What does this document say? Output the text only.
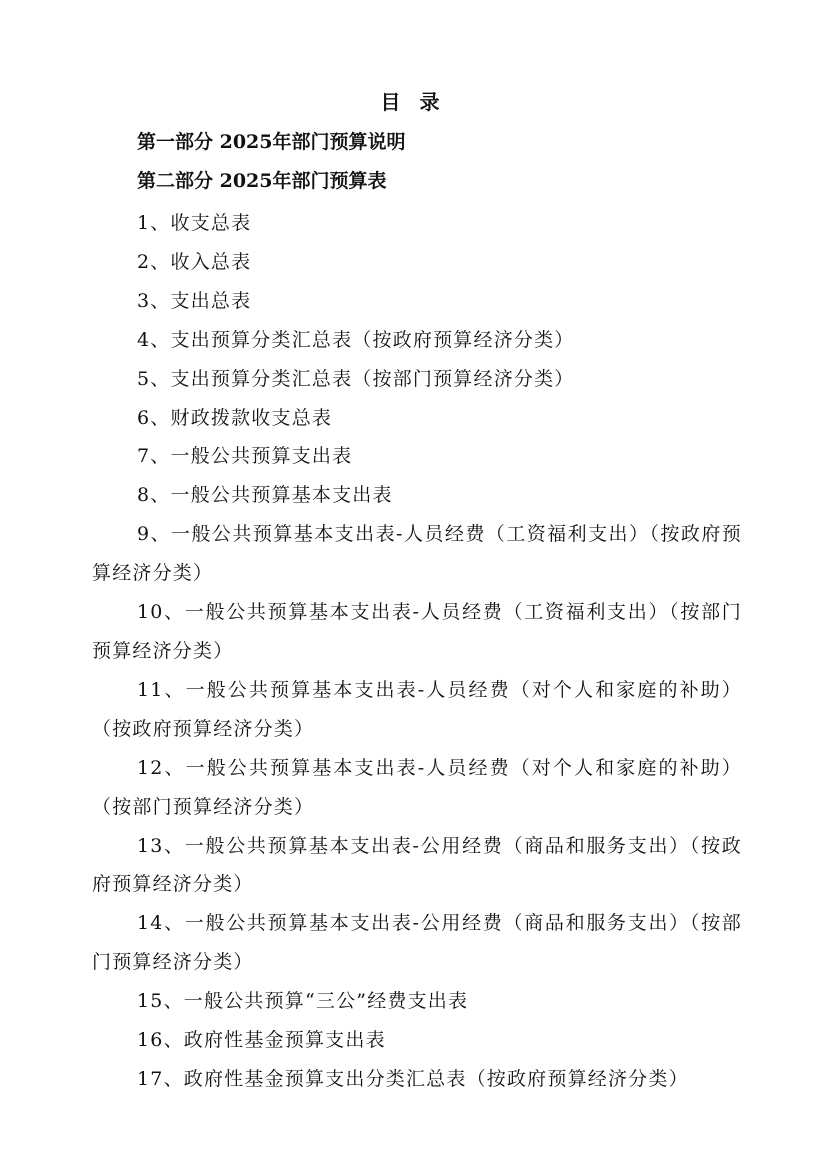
目 录

第一部分 2025年部门预算说明

第二部分 2025年部门预算表

1、收支总表
2、收入总表
3、支出总表
4、支出预算分类汇总表（按政府预算经济分类）
5、支出预算分类汇总表（按部门预算经济分类）
6、财政拨款收支总表
7、一般公共预算支出表
8、一般公共预算基本支出表
9、一般公共预算基本支出表-人员经费（工资福利支出）（按政府预算经济分类）
10、一般公共预算基本支出表-人员经费（工资福利支出）（按部门预算经济分类）
11、一般公共预算基本支出表-人员经费（对个人和家庭的补助）（按政府预算经济分类）
12、一般公共预算基本支出表-人员经费（对个人和家庭的补助）（按部门预算经济分类）
13、一般公共预算基本支出表-公用经费（商品和服务支出）（按政府预算经济分类）
14、一般公共预算基本支出表-公用经费（商品和服务支出）（按部门预算经济分类）
15、一般公共预算“三公”经费支出表
16、政府性基金预算支出表
17、政府性基金预算支出分类汇总表（按政府预算经济分类）
